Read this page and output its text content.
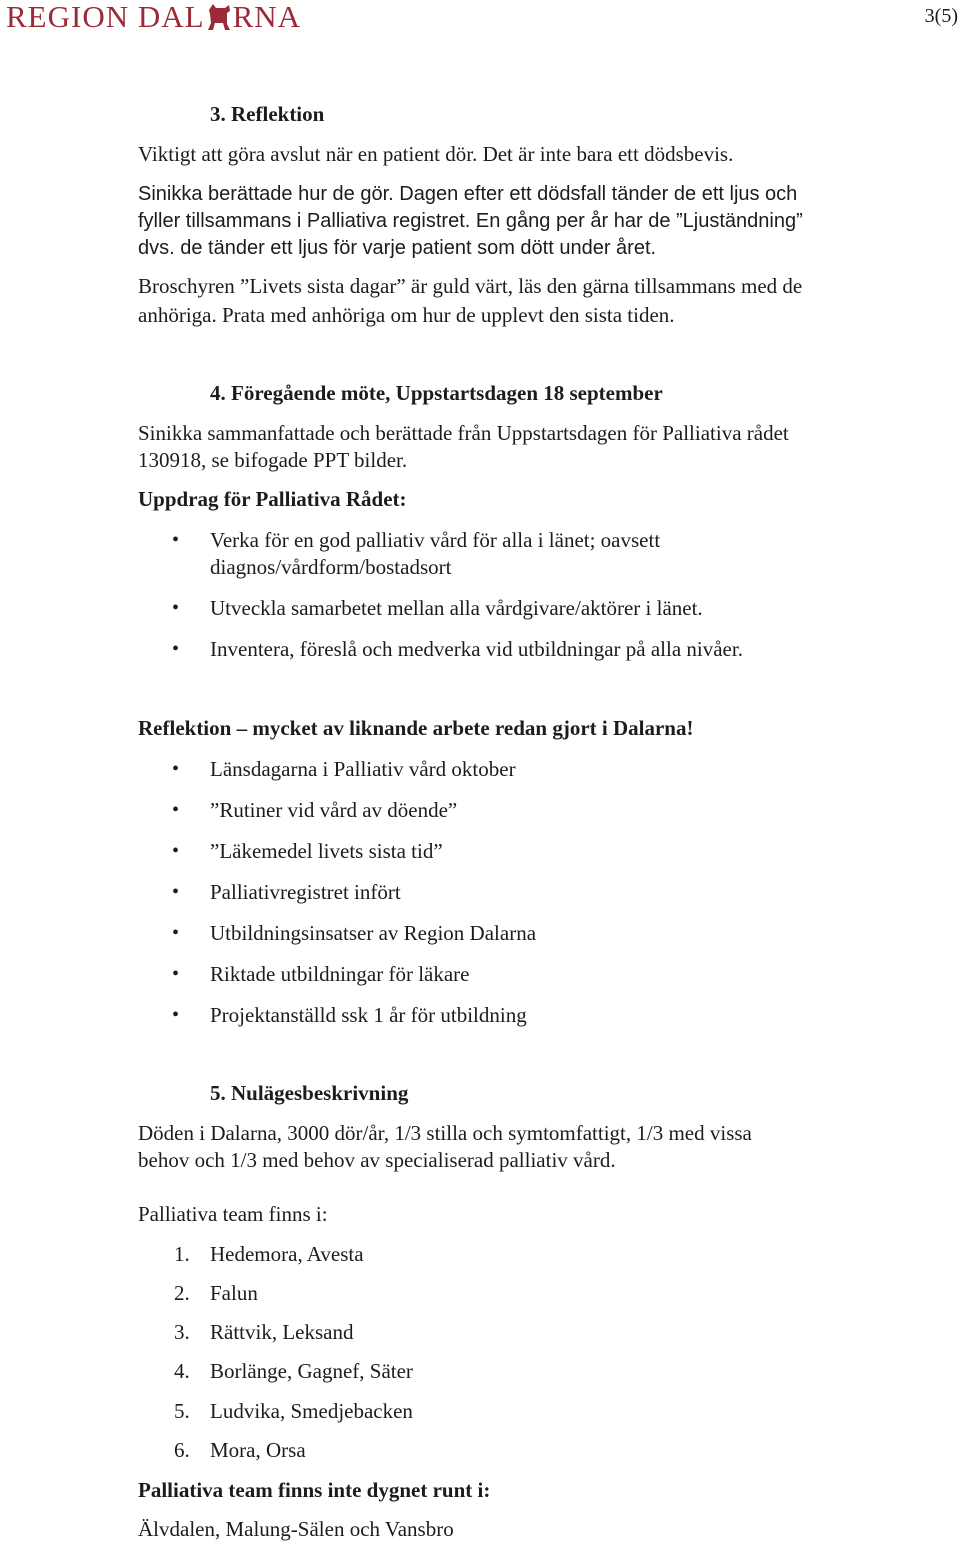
REGION DAL RNA	3(5)
3. Reflektion
Viktigt att göra avslut när en patient dör. Det är inte bara ett dödsbevis.
Sinikka berättade hur de gör. Dagen efter ett dödsfall tänder de ett ljus och
fyller tillsammans i Palliativa registret. En gång per år har de ”Ljuständning”
dvs. de tänder ett ljus för varje patient som dött under året.
Broschyren ”Livets sista dagar” är guld värt, läs den gärna tillsammans med de
anhöriga. Prata med anhöriga om hur de upplevt den sista tiden.
4. Föregående möte, Uppstartsdagen 18 september
Sinikka sammanfattade och berättade från Uppstartsdagen för Palliativa rådet
130918, se bifogade PPT bilder.
Uppdrag för Palliativa Rådet:
• Verka för en god palliativ vård för alla i länet; oavsett
diagnos/vårdform/bostadsort
• Utveckla samarbetet mellan alla vårdgivare/aktörer i länet.
• Inventera, föreslå och medverka vid utbildningar på alla nivåer.
Reflektion – mycket av liknande arbete redan gjort i Dalarna!
• Länsdagarna i Palliativ vård oktober
• ”Rutiner vid vård av döende”
• ”Läkemedel livets sista tid”
• Palliativregistret infört
• Utbildningsinsatser av Region Dalarna
• Riktade utbildningar för läkare
• Projektanställd ssk 1 år för utbildning
5. Nulägesbeskrivning
Döden i Dalarna, 3000 dör/år, 1/3 stilla och symtomfattigt, 1/3 med vissa
behov och 1/3 med behov av specialiserad palliativ vård.
Palliativa team finns i:
1. Hedemora, Avesta
2. Falun
3. Rättvik, Leksand
4. Borlänge, Gagnef, Säter
5. Ludvika, Smedjebacken
6. Mora, Orsa
Palliativa team finns inte dygnet runt i:
Älvdalen, Malung-Sälen och Vansbro
